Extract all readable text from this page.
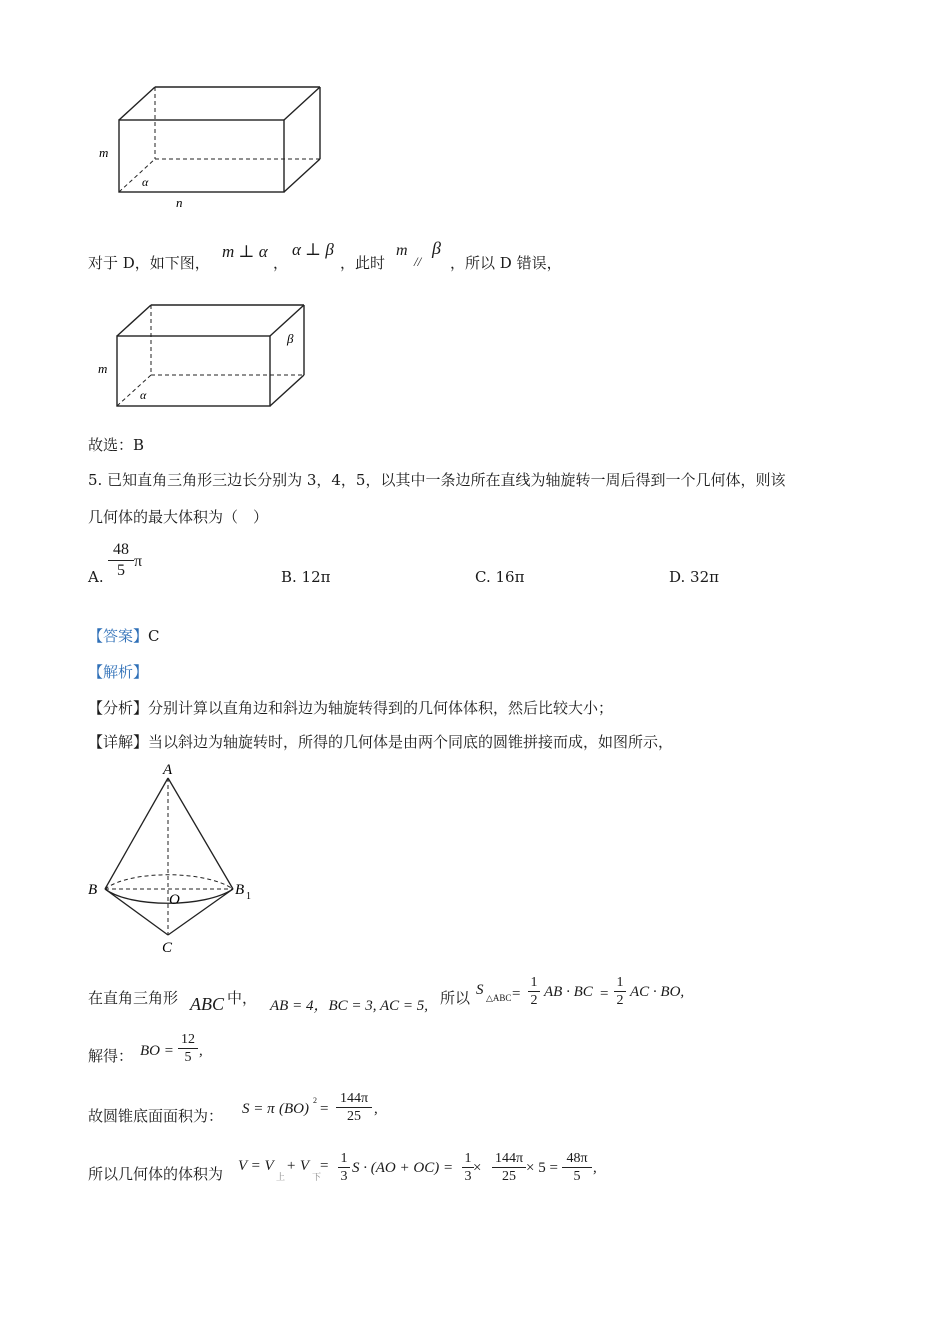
m
α
n
对于 D，如下图，
m ⊥ α
，
α ⊥ β
，此时
m
//
β
，所以 D 错误，
m
α
β
故选：B
5. 已知直角三角形三边长分别为 3，4，5，以其中一条边所在直线为轴旋转一周后得到一个几何体，则该
几何体的最大体积为（　）
A. $\frac{48}{5}$ π
B. 12π	C. 16π	D. 32π
【答案】C
【解析】
【分析】分别计算以直角边和斜边为轴旋转得到的几何体体积，然后比较大小；
【详解】当以斜边为轴旋转时，所得的几何体是由两个同底的圆锥拼接而成，如图所示，
A
B	B 1
O
C
在直角三角形 ABC 中， AB = 4，BC = 3, AC = 5, 所以 S △ABC = $\frac{1}{2}$ AB · BC = $\frac{1}{2}$ AC · BO,
解得： BO = $\frac{12}{5}$ ,
故圆锥底面面积为： S = π (BO)
2
= $\frac{144\pi}{25}$ ,
所以几何体的体积为 V = V
上
+ V
下
= 1
3
S · (AO + OC) =
1
3
×
144π
25
× 5 =
48π
5
,
